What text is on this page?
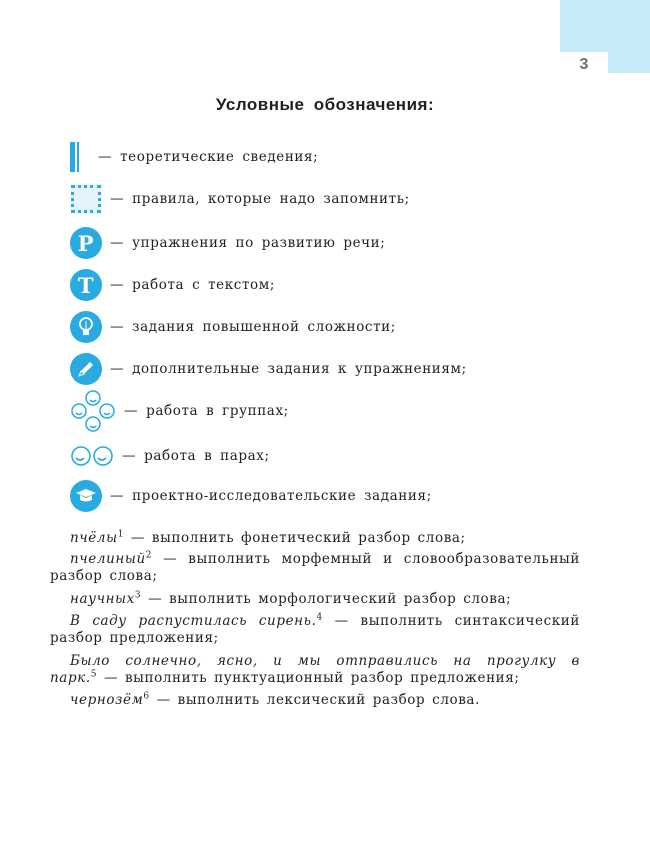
3
Условные обозначения:
— теоретические сведения;
— правила, которые надо запомнить;
Р	— упражнения по развитию речи;
Т	— работа с текстом;
— задания повышенной сложности;
— дополнительные задания к упражнениям;
— работа в группах;
— работа в парах;
— проектно-исследовательские задания;
пчёлы$^1$ — выполнить фонетический разбор слова;
пчелиный$^2$ — выполнить морфемный и словообразовательный
разбор слова;
научных$^3$ — выполнить морфологический разбор слова;
В саду распустилась сирень.$^4$ — выполнить синтаксический
разбор предложения;
Было солнечно, ясно, и мы отправились на прогулку в
парк.$^5$ — выполнить пунктуационный разбор предложения;
чернозём$^6$ — выполнить лексический разбор слова.
